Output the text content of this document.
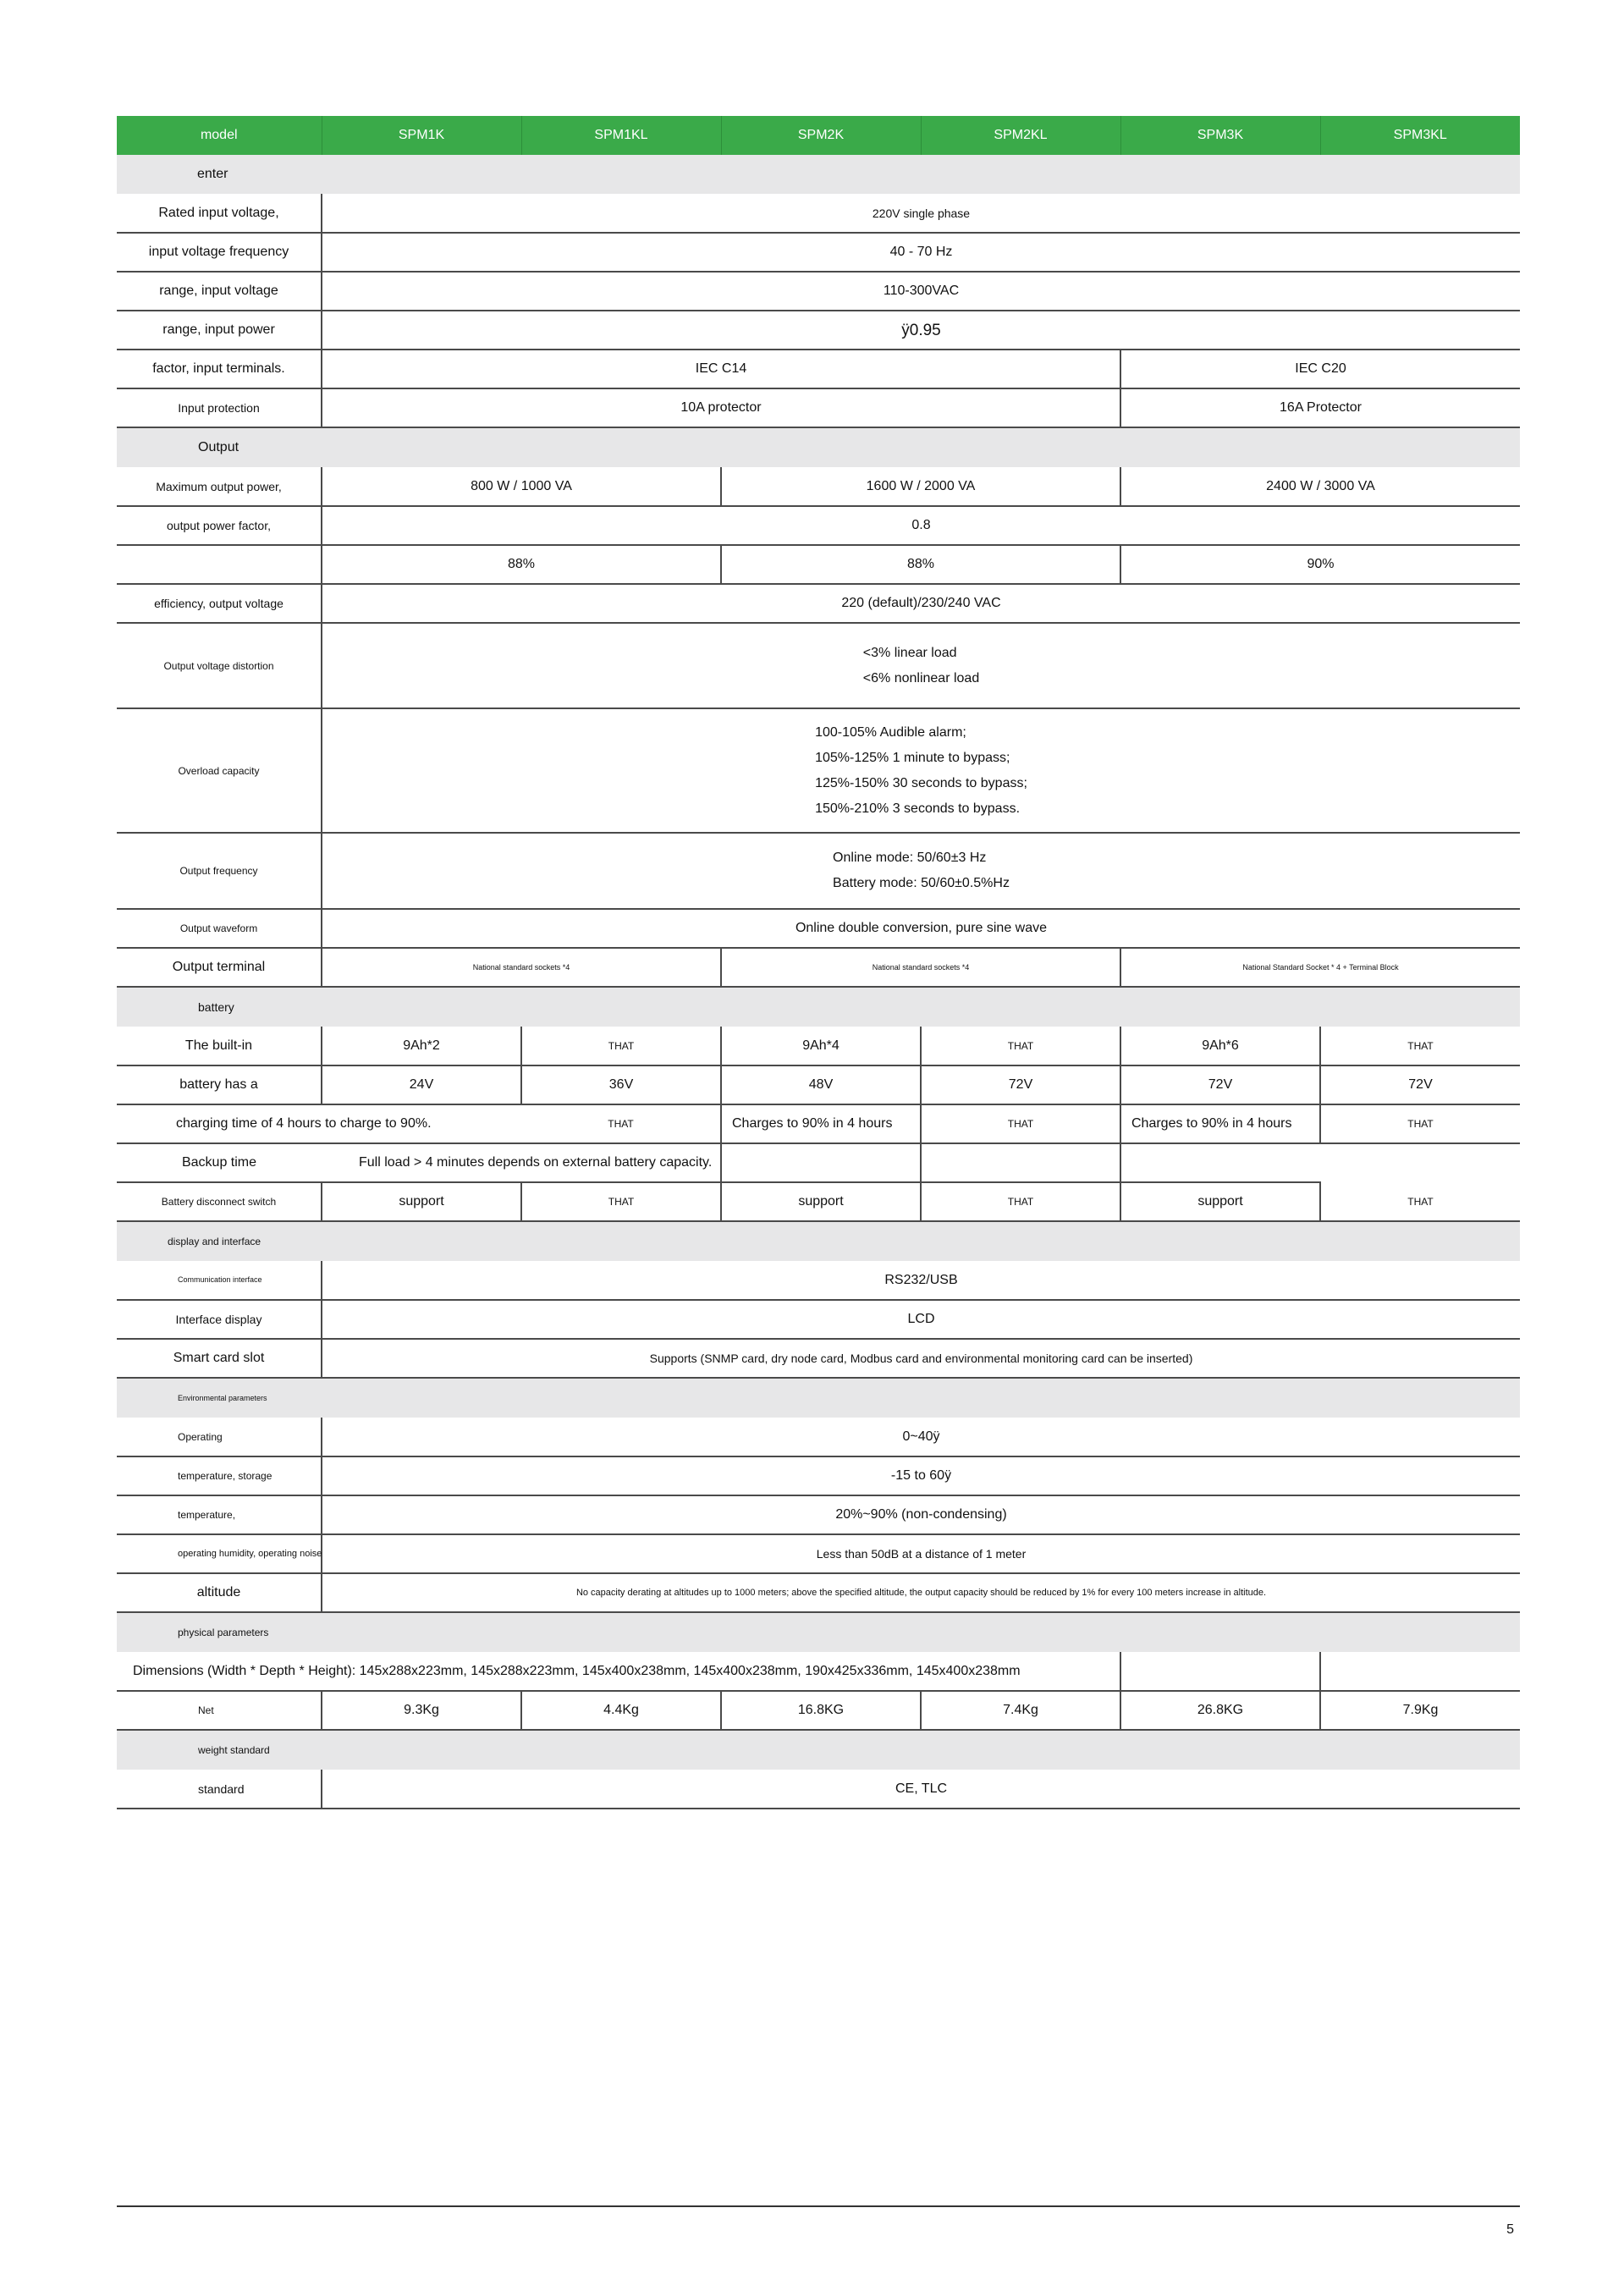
model	SPM1K	SPM1KL	SPM2K	SPM2KL	SPM3K	SPM3KL
enter						
Rated input voltage,	220V single phase					
input voltage frequency	40 - 70 Hz					
range, input voltage	110-300VAC					
range, input power	ÿ0.95					
factor, input terminals.	IEC C14				IEC C20	
Input protection	10A protector				16A Protector	
Output						
Maximum output power,	800 W / 1000 VA		1600 W / 2000 VA		2400 W / 3000 VA	
output power factor,	0.8					
	88%		88%		90%	
efficiency, output voltage	220 (default)/230/240 VAC					
Output voltage distortion	<3% linear load
<6% nonlinear load					
Overload capacity	100-105% Audible alarm;
105%-125% 1 minute to bypass;
125%-150% 30 seconds to bypass;
150%-210% 3 seconds to bypass.					
Output frequency	Online mode: 50/60±3 Hz
Battery mode: 50/60±0.5%Hz					
Output waveform	Online double conversion, pure sine wave					
Output terminal	National standard sockets *4		National standard sockets *4		National Standard Socket * 4 + Terminal Block	
battery						
The built-in	9Ah*2	THAT	9Ah*4	THAT	9Ah*6	THAT
battery has a	24V	36V	48V	72V	72V	72V
charging time of 4 hours to charge to 90%.		THAT	Charges to 90% in 4 hours	THAT	Charges to 90% in 4 hours	THAT
Backup time	Full load > 4 minutes depends on external battery capacity.					
Battery disconnect switch	support	THAT	support	THAT	support	THAT
display and interface						
Communication interface	RS232/USB					
Interface display	LCD					
Smart card slot	Supports (SNMP card, dry node card, Modbus card and environmental monitoring card can be inserted)					
Environmental parameters						
Operating	0~40ÿ					
temperature, storage	-15 to 60ÿ					
temperature,	20%~90% (non-condensing)					
operating humidity, operating noise	Less than 50dB at a distance of 1 meter					
altitude	No capacity derating at altitudes up to 1000 meters; above the specified altitude, the output capacity should be reduced by 1% for every 100 meters increase in altitude.					
physical parameters						
Dimensions (Width * Depth * Height): 145x288x223mm, 145x288x223mm, 145x400x238mm, 145x400x238mm, 190x425x336mm, 145x400x238mm						
Net	9.3Kg	4.4Kg	16.8KG	7.4Kg	26.8KG	7.9Kg
weight standard						
standard	CE, TLC					
5
